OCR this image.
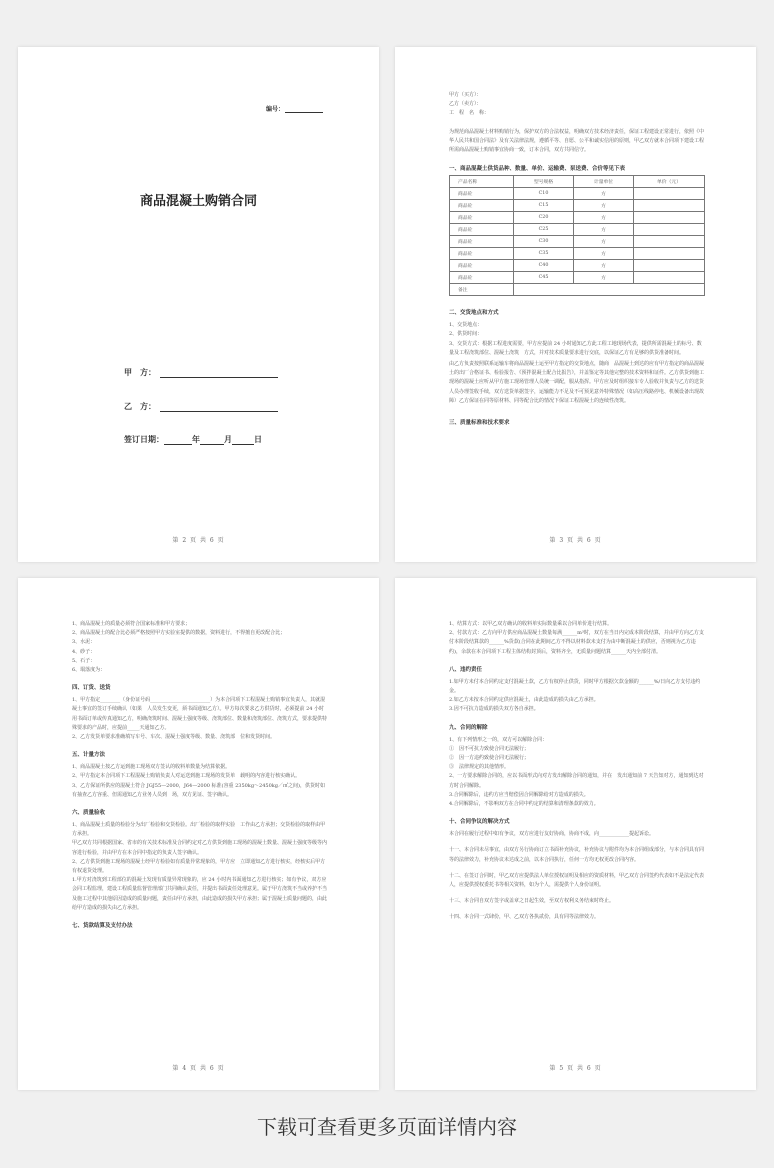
编号：
商品混凝土购销合同
甲　方：
乙　方：
签订日期：	年	月	日
第 2 页 共 6 页
甲方（买方）：
乙方（卖方）：
工　程　名　称：
为规范商品混凝土材料购销行为，保护双方的合法权益，明确双方技术经济责任，保证工程建设正常进行，依照《中华人民共和国合同法》及有关法律法规，遵循平等、自愿、公平和诚实信用的原则，甲乙双方就本合同项下建设工程所需商品混凝土购销事宜协商一致，订本合同，双方共同信守。
一、商品混凝土供货品种、数量、单价、运输费、泵送费、合价等见下表
产品名称	型号规格	计量单位	单价（元）
商品砼	C10	方	
商品砼	C15	方	
商品砼	C20	方	
商品砼	C25	方	
商品砼	C30	方	
商品砼	C35	方	
商品砼	C40	方	
商品砼	C45	方	
备注			
二、交货地点和方式
1、交货地点：
2、供货时间：
3、交货方式：根据工程进度需要，甲方应提前 24 小时通知乙方此工程工地现场代表，提供所需混凝土的标号、数量及工程浇筑部位、混凝土浇筑　方式，并对技术质量要求进行交底，以保证乙方有足够的供货准备时间。
由乙方负责按照联系运输车将商品混凝土运至甲方指定的交货地点，随商　品混凝土到达的应有甲方指定的商品混凝土的出厂合格证书、检验报告、《预拌混凝土配合比报告》，并盖鉴定等其他完整的技术资料和证件。乙方供货到施工现场的混凝土应听从甲方施工现场管理人员统一调配，服从指挥。甲方应及时组织接车专人验收并负责与乙方的送货人员办理签收手续，双方送货单据签字，运输能力不足及不可预见意外特殊情况（如高压线路停电、机械设备出现故障）乙方保证在同等原材料、同等配合比的情况下保证工程混凝土的连续性浇筑。
三、质量标准和技术要求
第 3 页 共 6 页
1、商品混凝土的质量必须符合国家标准和甲方要求；
2、商品混凝土的配合比必须严格按照甲方实验室提供的数据，资料进行，不得擅自更改配合比；
3、水泥：
4、砂子：
5、石子：
6、塌落度为：
四、订货、送货
1、甲方指定________（身份证号码________________________）为本合同项下工程混凝土购销事宜负责人，其就混凝土事宜的签订手续确认（如果　人员发生变更，须书面通知乙方）。甲方每次要求乙方供货时，必须提前 24 小时用书面订单或传真通知乙方，明确浇筑时间、混凝土强度等级、浇筑部位、数量和浇筑部位、浇筑方式，要求提供特殊要求的产品时，应提前_____天通知乙方。
2、乙方发货单要求准确填写车号、车次、混凝土强度等级、数量、浇筑部　位和发货时间。
五、计量方法
1、商品混凝土按乙方运到施工现场双方签认的收料单数量为结算依据。
2、甲方指定本合同项下工程混凝土购销负责人对运送到施工现场的发货单　载明的内容进行核实确认。
3、乙方保证所供应的混凝土符合 JGJ55—2000，J64—2000 标准(容重 2350kg～2450kg／㎡之间)，供货时如有抽查乙方容重、但需通知乙方业务人员到　场，双方见证、签字确认。
六、质量验收
1、商品混凝土质量的检验分为出厂检验和交货检验。出厂检验的取样实验　工作由乙方承担；交货检验的取样由甲方承担。
甲乙双方共同根据国家、省市的有关技术标准及合同约定对乙方供货到施工现场的混凝土数量、混凝土强度等级等内容进行检验，并由甲方在本合同中指定的负责人签字确认。
2、乙方供货到施工现场的混凝土经甲方检验如有质量异常现象的，甲方应　立即通知乙方进行核实，经核实后甲方有权退货处理。
1.甲方对浇筑到工程部位的混凝土发现有质量异常现象的，应 24 小时内书面通知乙方进行核实；如有争议，双方应会同工程监理，建设工程质量监督管理部门共同确认责任，并提出书面责任处理意见。属于甲方浇筑不当或养护不当及施工过程中其他原因造成的质量问题，责任由甲方承担，由此造成的损失甲方承担；属于混凝土质量问题的，由此给甲方造成的损失由乙方承担。
七、货款结算及支付办法
第 4 页 共 6 页
1、结算方式：以甲乙双方确认的收料单实际数量乘以合同单价进行结算。
2、付款方式：乙方向甲方供应商品混凝土数量每满______m³时，双方在当日内完成本阶段结算，并由甲方向乙方支付本阶段结算款的______%货款(合同在此期间乙方不得以材料款未支付为由中断混凝土的供应，否则视为乙方违约)，余款在本合同项下工程主体结构封顶后，资料齐全，无质量问题结算______天内全部付清。
八、违约责任
1.如甲方未付本合同约定支付混凝土款，乙方有权停止供货，同时甲方根据欠款金额的______%/日向乙方支付违约金。
2.如乙方未按本合同约定供应混凝土，由此造成的损失由乙方承担。
3.因不可抗力造成的损失双方各自承担。
九、合同的解除
1、有下列情形之一的，双方可以解除合同：
①　因不可抗力致使合同无法履行；
②　因一方违约致使合同无法履行；
③　法律规定的其他情形。
2、一方要求解除合同的，应以书面形式向对方发出解除合同的通知，并在　发出通知前 7 天告知对方，通知到达对方时合同解除。
3.合同解除后，违约方应当赔偿因合同解除给对方造成的损失。
4.合同解除后，不影响双方在合同中约定的结算和清理条款的效力。
十、合同争议的解决方式
本合同在履行过程中如有争议，双方应进行友好协商，协商不成，向____________提起诉讼。
十一、本合同未尽事宜，由双方另行协商订立书面补充协议，补充协议与附件均为本合同组成部分，与本合同具有同等的法律效力，补充协议未达成之前，以本合同执行，任何一方均无权更改合同内容。
十二、在签订合同时，甲乙双方应提供法人单位授权证明及相应的资质材料，甲乙双方合同签约代表如不是法定代表人，应提供授权委托书等相关资料，如为个人，需提供个人身份证明。
十三、本合同自双方签字或盖章之日起生效，至双方权利义务结束时终止。
十四、本合同一式肆份，甲、乙双方各执贰份，具有同等法律效力。
第 5 页 共 6 页
下载可查看更多页面详情内容
